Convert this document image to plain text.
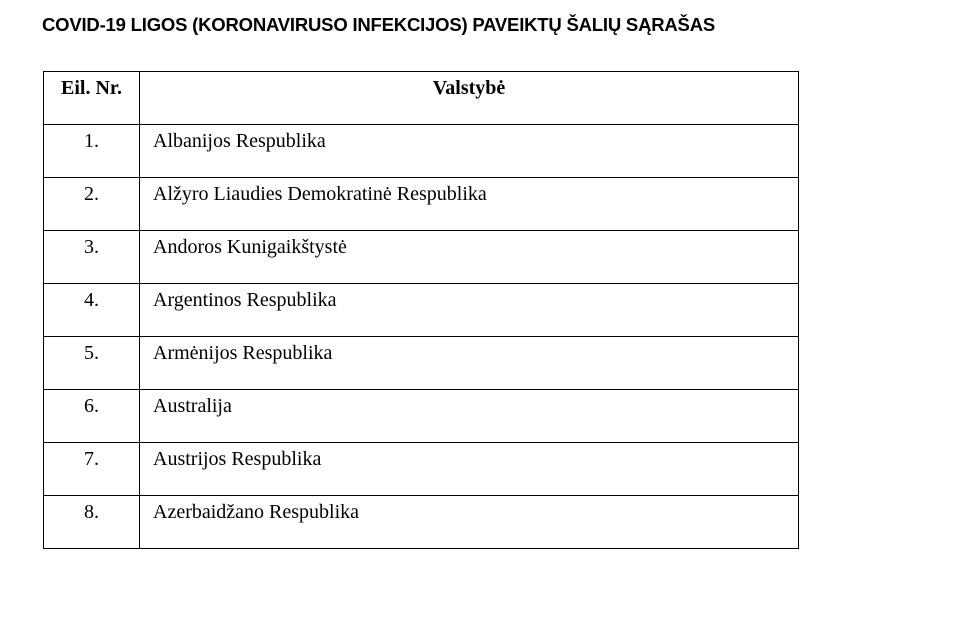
COVID-19 LIGOS (KORONAVIRUSO INFEKCIJOS) PAVEIKTŲ ŠALIŲ SĄRAŠAS
Eil. Nr.	Valstybė

1.	Albanijos Respublika

2.	Alžyro Liaudies Demokratinė Respublika

3.	Andoros Kunigaikštystė

4.	Argentinos Respublika

5.	Armėnijos Respublika

6.	Australija

7.	Austrijos Respublika

8.	Azerbaidžano Respublika
